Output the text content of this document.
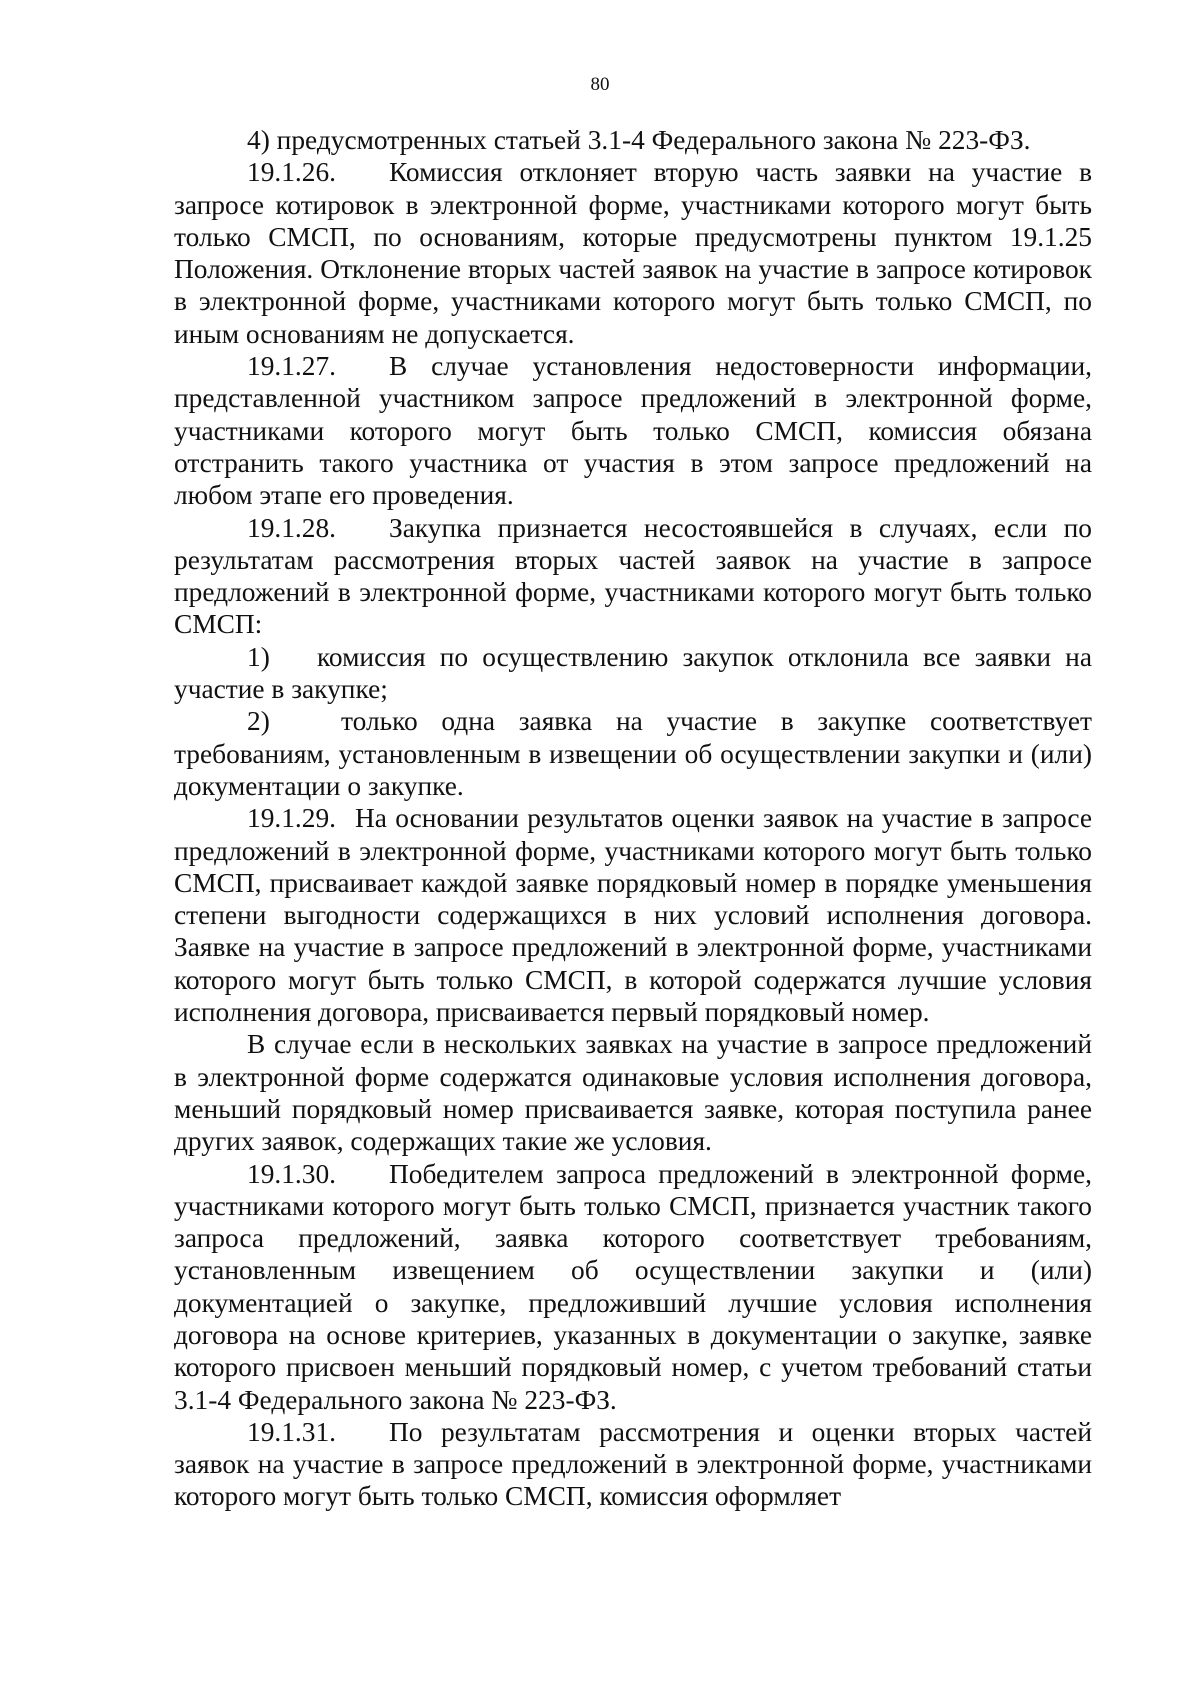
80

4) предусмотренных статьей 3.1-4 Федерального закона № 223-ФЗ.

19.1.26. Комиссия отклоняет вторую часть заявки на участие в запросе котировок в электронной форме, участниками которого могут быть только СМСП, по основаниям, которые предусмотрены пунктом 19.1.25 Положения. Отклонение вторых частей заявок на участие в запросе котировок в электронной форме, участниками которого могут быть только СМСП, по иным основаниям не допускается.

19.1.27. В случае установления недостоверности информации, представленной участником запросе предложений в электронной форме, участниками которого могут быть только СМСП, комиссия обязана отстранить такого участника от участия в этом запросе предложений на любом этапе его проведения.

19.1.28. Закупка признается несостоявшейся в случаях, если по результатам рассмотрения вторых частей заявок на участие в запросе предложений в электронной форме, участниками которого могут быть только СМСП:

1) комиссия по осуществлению закупок отклонила все заявки на участие в закупке;

2)	только одна заявка на участие в закупке соответствует требованиям, установленным в извещении об осуществлении закупки и (или) документации о закупке.

19.1.29. На основании результатов оценки заявок на участие в запросе предложений в электронной форме, участниками которого могут быть только СМСП, присваивает каждой заявке порядковый номер в порядке уменьшения степени выгодности содержащихся в них условий исполнения договора. Заявке на участие в запросе предложений в электронной форме, участниками которого могут быть только СМСП, в которой содержатся лучшие условия исполнения договора, присваивается первый порядковый номер.

В случае если в нескольких заявках на участие в запросе предложений в электронной форме содержатся одинаковые условия исполнения договора, меньший порядковый номер присваивается заявке, которая поступила ранее других заявок, содержащих такие же условия.

19.1.30. Победителем запроса предложений в электронной форме, участниками которого могут быть только СМСП, признается участник такого запроса предложений, заявка которого соответствует требованиям, установленным извещением об осуществлении закупки и (или) документацией о закупке, предложивший лучшие условия исполнения договора на основе критериев, указанных в документации о закупке, заявке которого присвоен меньший порядковый номер, с учетом требований статьи 3.1-4 Федерального закона № 223-ФЗ.

19.1.31. По результатам рассмотрения и оценки вторых частей заявок на участие в запросе предложений в электронной форме, участниками которого могут быть только СМСП, комиссия оформляет
